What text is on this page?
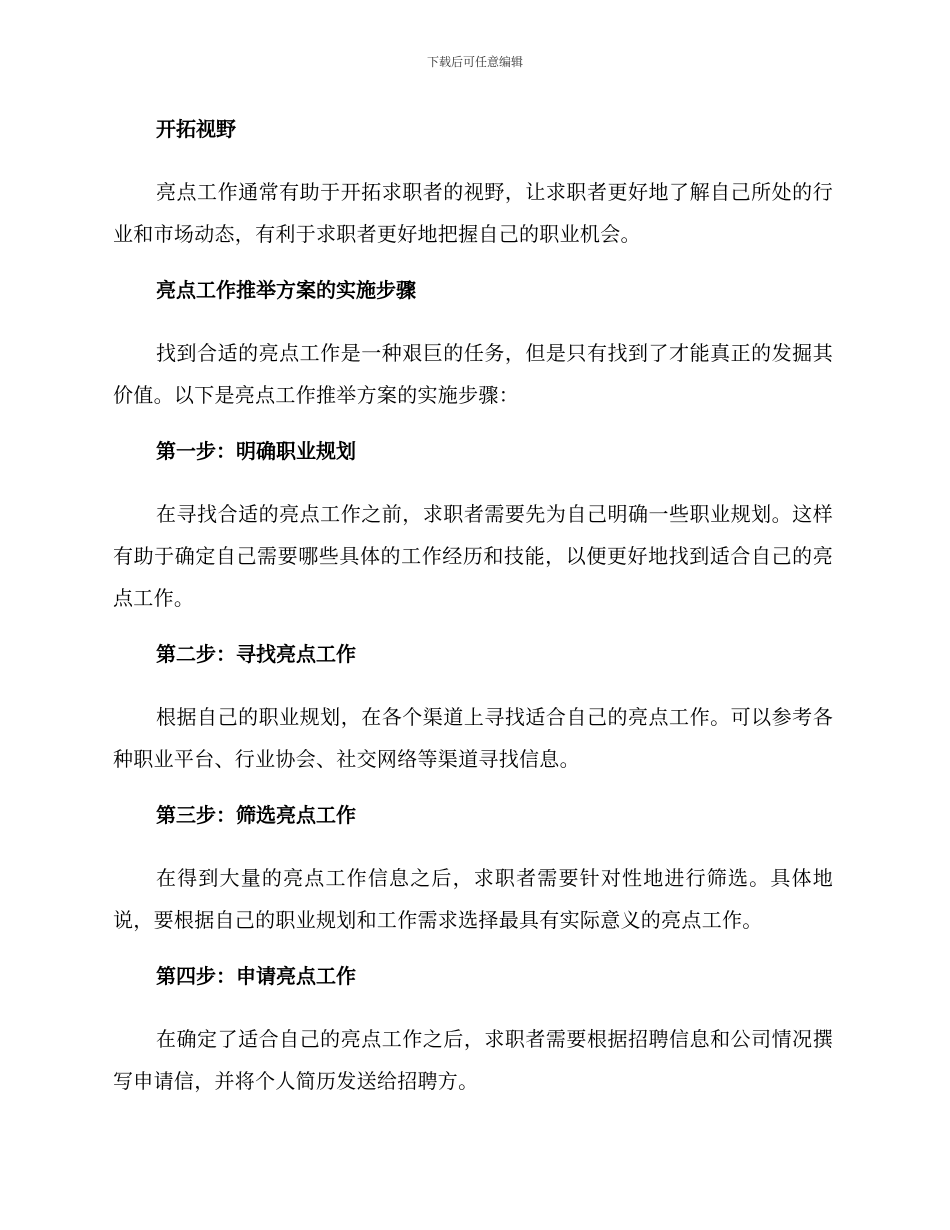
下载后可任意编辑
开拓视野

亮点工作通常有助于开拓求职者的视野，让求职者更好地了解自己所处的行业和市场动态，有利于求职者更好地把握自己的职业机会。

亮点工作推举方案的实施步骤

找到合适的亮点工作是一种艰巨的任务，但是只有找到了才能真正的发掘其价值。以下是亮点工作推举方案的实施步骤：

第一步：明确职业规划

在寻找合适的亮点工作之前，求职者需要先为自己明确一些职业规划。这样有助于确定自己需要哪些具体的工作经历和技能，以便更好地找到适合自己的亮点工作。

第二步：寻找亮点工作

根据自己的职业规划，在各个渠道上寻找适合自己的亮点工作。可以参考各种职业平台、行业协会、社交网络等渠道寻找信息。

第三步：筛选亮点工作

在得到大量的亮点工作信息之后，求职者需要针对性地进行筛选。具体地说，要根据自己的职业规划和工作需求选择最具有实际意义的亮点工作。

第四步：申请亮点工作

在确定了适合自己的亮点工作之后，求职者需要根据招聘信息和公司情况撰写申请信，并将个人简历发送给招聘方。
